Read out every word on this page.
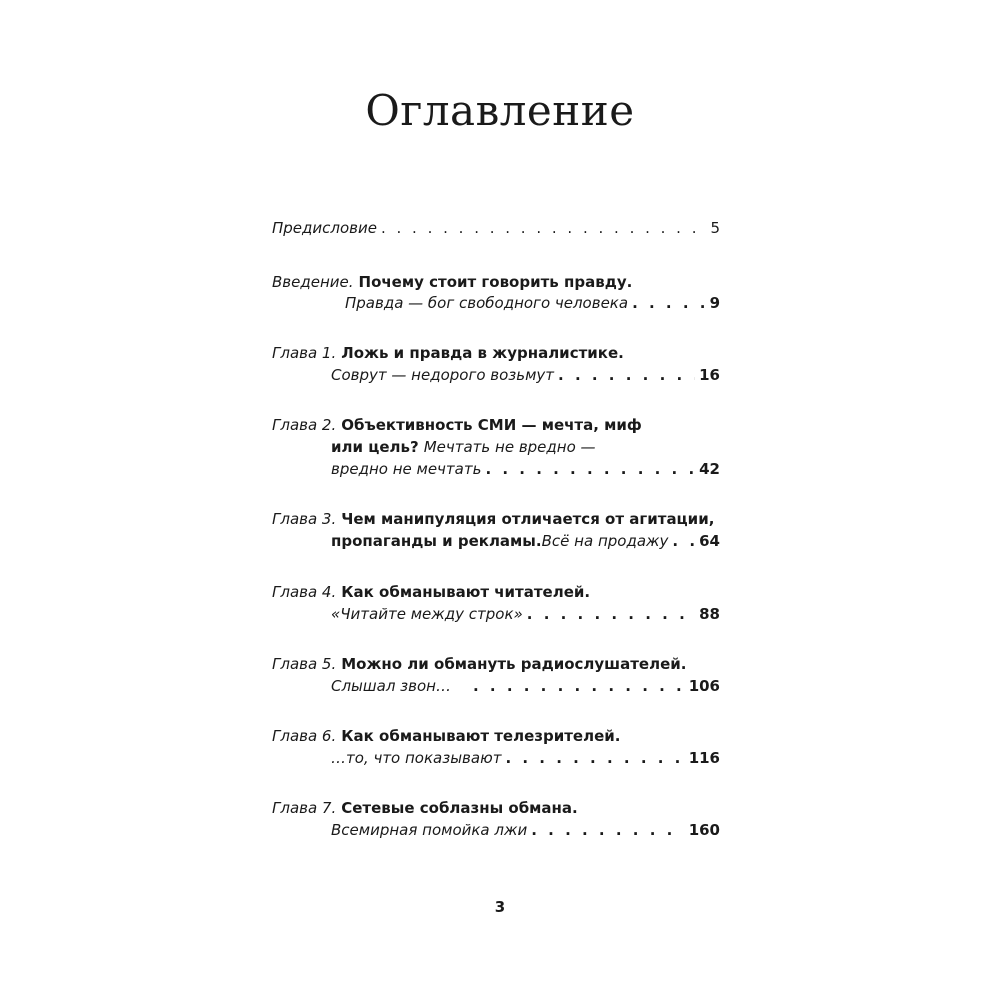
Оглавление
Предисловие . . .	5
Введение. Почему стоит говорить правду.
Правда — бог свободного человека . . .	9
Глава 1. Ложь и правда в журналистике.
Соврут — недорого возьмут . . .	16
Глава 2. Объективность СМИ — мечта, миф
или цель? Мечтать не вредно —
вредно не мечтать . . .	42
Глава 3. Чем манипуляция отличается от агитации,
пропаганды и рекламы. Всё на продажу . . . 64
Глава 4. Как обманывают читателей.
«Читайте между строк» . . .	88
Глава 5. Можно ли обмануть радиослушателей.
Слышал звон… . . .	106
Глава 6. Как обманывают телезрителей.
…то, что показывают . . .	116
Глава 7. Сетевые соблазны обмана.
Всемирная помойка лжи . . .	160
3
